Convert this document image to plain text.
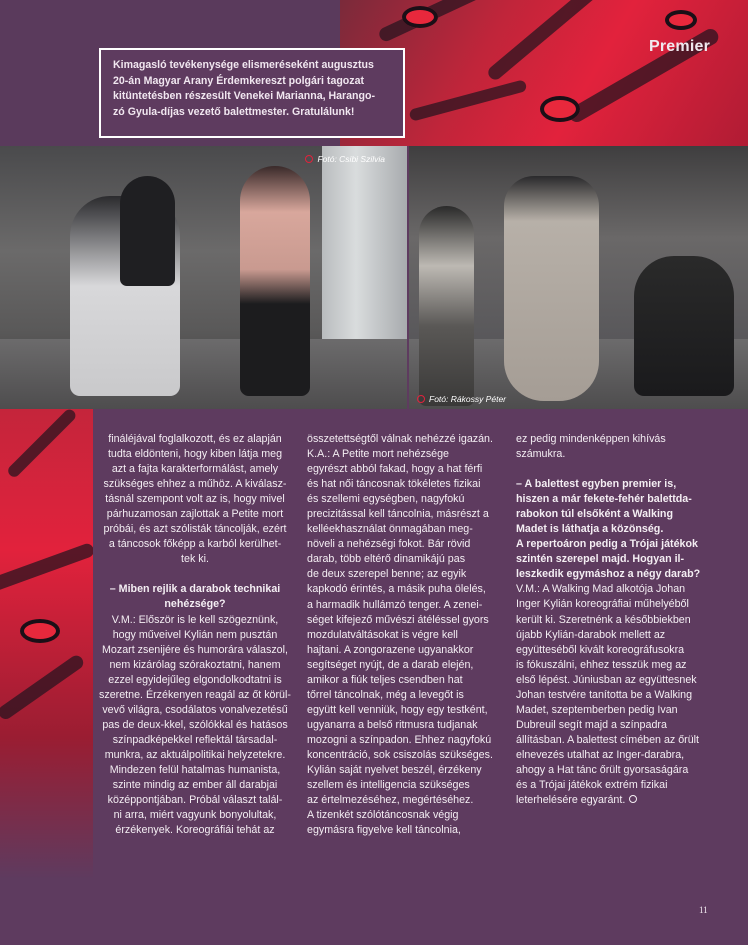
Premier

Kimagasló tevékenysége elismeréseként augusztus

20-án Magyar Arany Érdemkereszt polgári tagozat

kitüntetésben részesült Venekei Marianna, Harango-

zó Gyula-díjas vezető balettmester. Gratulálunk!

Fotó: Csibi Szilvia
Fotó: Rákossy Péter

fináléjával foglalkozott, és ez alapján

tudta eldönteni, hogy kiben látja meg

azt a fajta karakterformálást, amely

szükséges ehhez a műhöz. A kiválasz-

tásnál szempont volt az is, hogy mivel

párhuzamosan zajlottak a Petite mort

próbái, és azt szólisták táncolják, ezért

a táncosok főképp a karból kerülhet-

tek ki.

– Miben rejlik a darabok technikai

nehézsége?

V.M.: Először is le kell szögeznünk,

hogy műveivel Kylián nem pusztán

Mozart zsenijére és humorára válaszol,

nem kizárólag szórakoztatni, hanem

ezzel egyidejűleg elgondolkodtatni is

szeretne. Érzékenyen reagál az őt körül-

vevő világra, csodálatos vonalvezetésű

pas de deux-kkel, szólókkal és hatásos

színpadképekkel reflektál társadal-

munkra, az aktuálpolitikai helyzetekre.

Mindezen felül hatalmas humanista,

szinte mindig az ember áll darabjai

középpontjában. Próbál választ talál-

ni arra, miért vagyunk bonyolultak,

érzékenyek. Koreográfiái tehát az

összetettségtől válnak nehézzé igazán.

K.A.: A Petite mort nehézsége

egyrészt abból fakad, hogy a hat férfi

és hat női táncosnak tökéletes fizikai

és szellemi egységben, nagyfokú

precizitással kell táncolnia, másrészt a

kelléekhasználat önmagában meg-

növeli a nehézségi fokot. Bár rövid

darab, több eltérő dinamikájú pas

de deux szerepel benne; az egyik

kapkodó érintés, a másik puha ölelés,

a harmadik hullámzó tenger. A zenei-

séget kifejező művészi átéléssel gyors

mozdulatváltásokat is végre kell

hajtani. A zongorazene ugyanakkor

segítséget nyújt, de a darab elején,

amikor a fiúk teljes csendben hat

tőrrel táncolnak, még a levegőt is

együtt kell venniük, hogy egy testként,

ugyanarra a belső ritmusra tudjanak

mozogni a színpadon. Ehhez nagyfokú

koncentráció, sok csiszolás szükséges.

Kylián saját nyelvet beszél, érzékeny

szellem és intelligencia szükséges

az értelmezéséhez, megértéséhez.

A tizenkét szólótáncosnak végig

egymásra figyelve kell táncolnia,

ez pedig mindenképpen kihívás

számukra.

– A balettest egyben premier is,

hiszen a már fekete-fehér balettda-

rabokon túl elsőként a Walking

Madet is láthatja a közönség.

A repertoáron pedig a Trójai játékok

szintén szerepel majd. Hogyan il-

leszkedik egymáshoz a négy darab?

V.M.: A Walking Mad alkotója Johan

Inger Kylián koreográfiai műhelyéből

került ki. Szeretnénk a későbbiekben

újabb Kylián-darabok mellett az

együtteséből kivált koreográfusokra

is fókuszálni, ehhez tesszük meg az

első lépést. Júniusban az együttesnek

Johan testvére tanította be a Walking

Madet, szeptemberben pedig Ivan

Dubreuil segít majd a színpadra

állításban. A balettest címében az őrült

elnevezés utalhat az Inger-darabra,

ahogy a Hat tánc őrült gyorsaságára

és a Trójai játékok extrém fizikai

leterhelésére egyaránt.

11
